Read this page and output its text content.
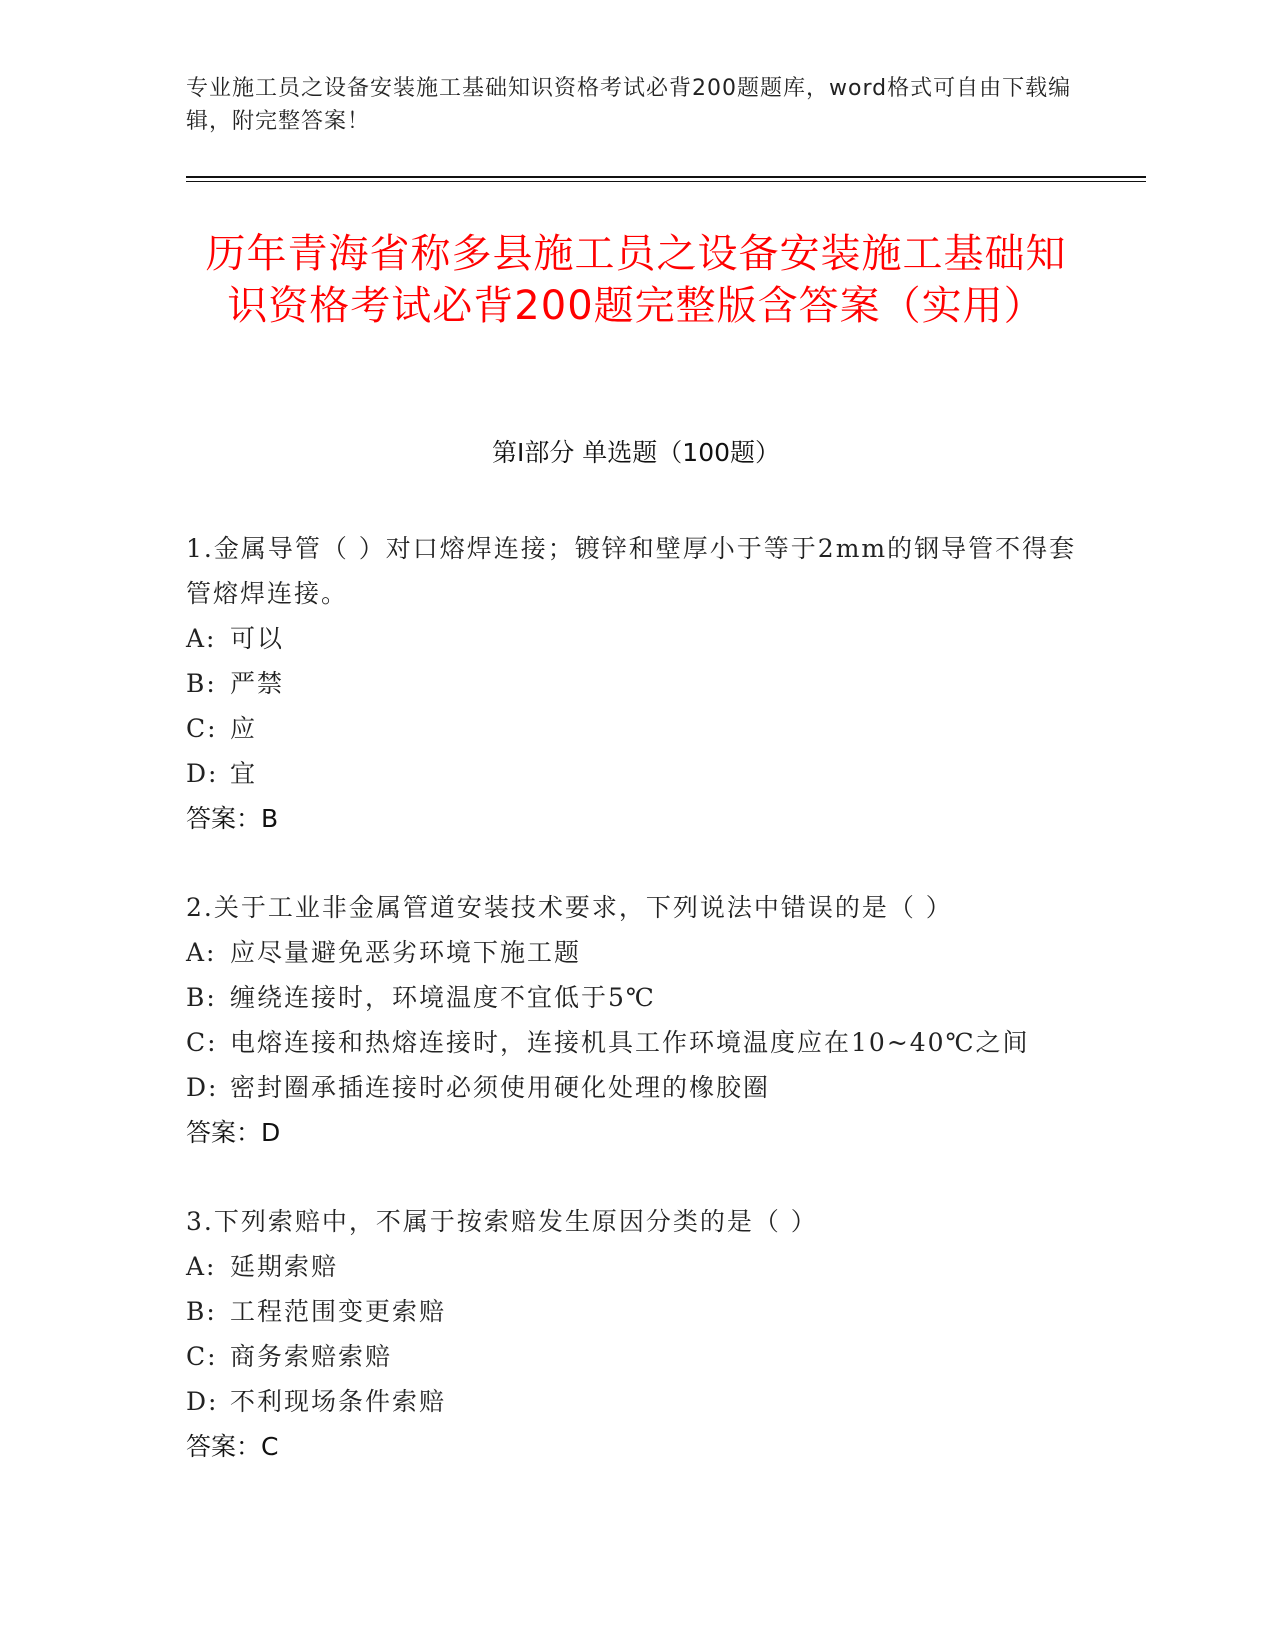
专业施工员之设备安装施工基础知识资格考试必背200题题库，word格式可自由下载编辑，附完整答案！
历年青海省称多县施工员之设备安装施工基础知识资格考试必背200题完整版含答案（实用）
第Ⅰ部分 单选题（100题）

1.金属导管（ ）对口熔焊连接；镀锌和壁厚小于等于2mm的钢导管不得套管熔焊连接。

A: 可以

B: 严禁

C: 应

D: 宜

答案：B

2.关于工业非金属管道安装技术要求，下列说法中错误的是（ ）

A: 应尽量避免恶劣环境下施工题

B: 缠绕连接时，环境温度不宜低于5℃

C: 电熔连接和热熔连接时，连接机具工作环境温度应在10~40℃之间

D: 密封圈承插连接时必须使用硬化处理的橡胶圈

答案：D

3.下列索赔中，不属于按索赔发生原因分类的是（ ）

A: 延期索赔

B: 工程范围变更索赔

C: 商务索赔索赔

D: 不利现场条件索赔

答案：C
